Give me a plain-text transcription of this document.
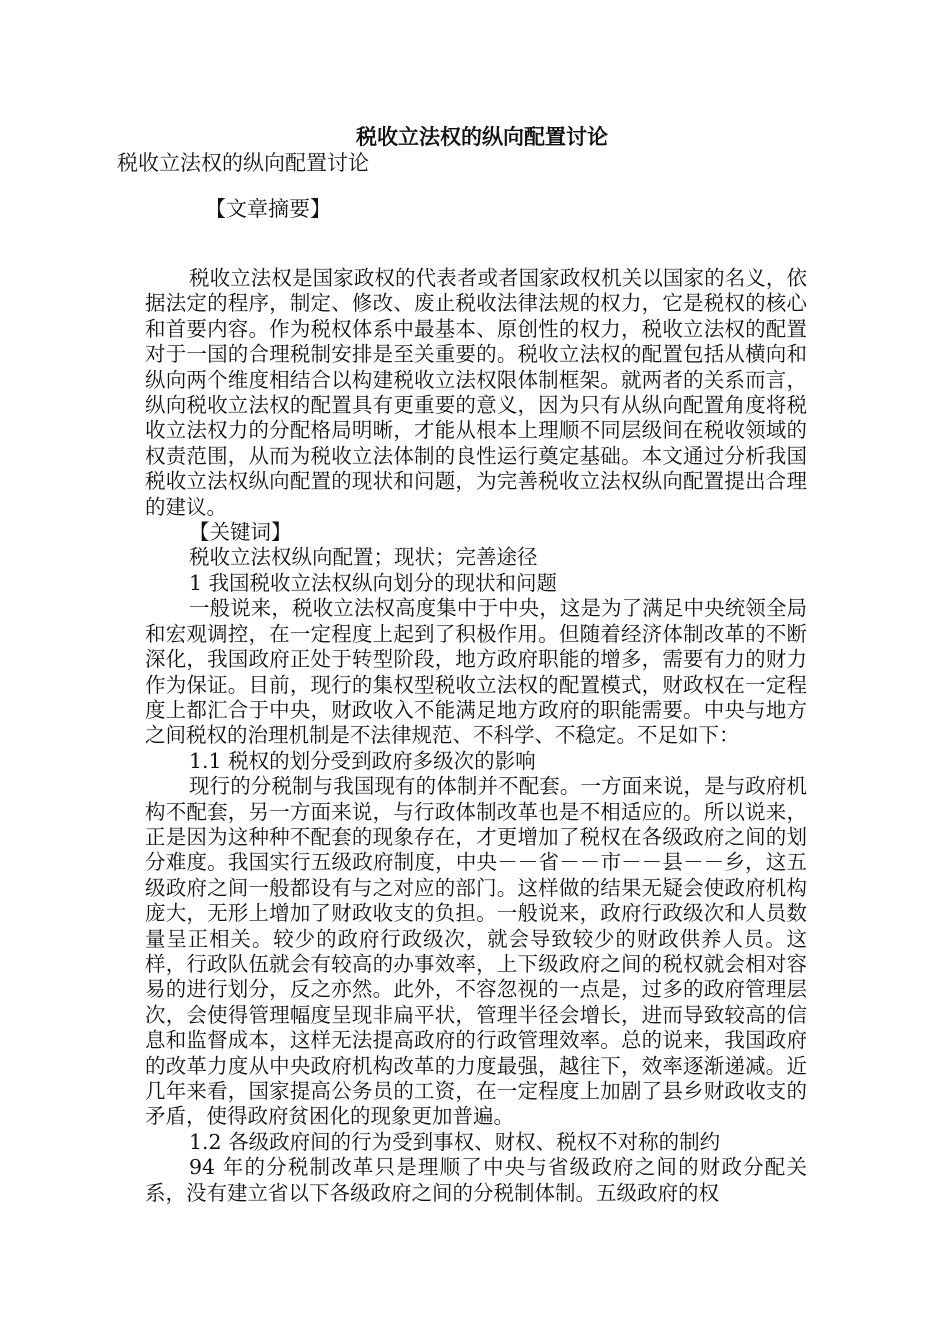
税收立法权的纵向配置讨论

税收立法权的纵向配置讨论

【文章摘要】

税收立法权是国家政权的代表者或者国家政权机关以国家的名义，依据法定的程序，制定、修改、废止税收法律法规的权力，它是税权的核心和首要内容。作为税权体系中最基本、原创性的权力，税收立法权的配置对于一国的合理税制安排是至关重要的。税收立法权的配置包括从横向和纵向两个维度相结合以构建税收立法权限体制框架。就两者的关系而言，纵向税收立法权的配置具有更重要的意义，因为只有从纵向配置角度将税收立法权力的分配格局明晰，才能从根本上理顺不同层级间在税收领域的权责范围，从而为税收立法体制的良性运行奠定基础。本文通过分析我国税收立法权纵向配置的现状和问题，为完善税收立法权纵向配置提出合理的建议。

【关键词】

税收立法权纵向配置；现状；完善途径

1 我国税收立法权纵向划分的现状和问题

一般说来，税收立法权高度集中于中央，这是为了满足中央统领全局和宏观调控，在一定程度上起到了积极作用。但随着经济体制改革的不断深化，我国政府正处于转型阶段，地方政府职能的增多，需要有力的财力作为保证。目前，现行的集权型税收立法权的配置模式，财政权在一定程度上都汇合于中央，财政收入不能满足地方政府的职能需要。中央与地方之间税权的治理机制是不法律规范、不科学、不稳定。不足如下：

1.1 税权的划分受到政府多级次的影响

现行的分税制与我国现有的体制并不配套。一方面来说，是与政府机构不配套，另一方面来说，与行政体制改革也是不相适应的。所以说来，正是因为这种种不配套的现象存在，才更增加了税权在各级政府之间的划分难度。我国实行五级政府制度，中央－－省－－市－－县－－乡，这五级政府之间一般都设有与之对应的部门。这样做的结果无疑会使政府机构庞大，无形上增加了财政收支的负担。一般说来，政府行政级次和人员数量呈正相关。较少的政府行政级次，就会导致较少的财政供养人员。这样，行政队伍就会有较高的办事效率，上下级政府之间的税权就会相对容易的进行划分，反之亦然。此外，不容忽视的一点是，过多的政府管理层次，会使得管理幅度呈现非扁平状，管理半径会增长，进而导致较高的信息和监督成本，这样无法提高政府的行政管理效率。总的说来，我国政府的改革力度从中央政府机构改革的力度最强，越往下，效率逐渐递减。近几年来看，国家提高公务员的工资，在一定程度上加剧了县乡财政收支的矛盾，使得政府贫困化的现象更加普遍。

1.2 各级政府间的行为受到事权、财权、税权不对称的制约

94 年的分税制改革只是理顺了中央与省级政府之间的财政分配关系，没有建立省以下各级政府之间的分税制体制。五级政府的权
